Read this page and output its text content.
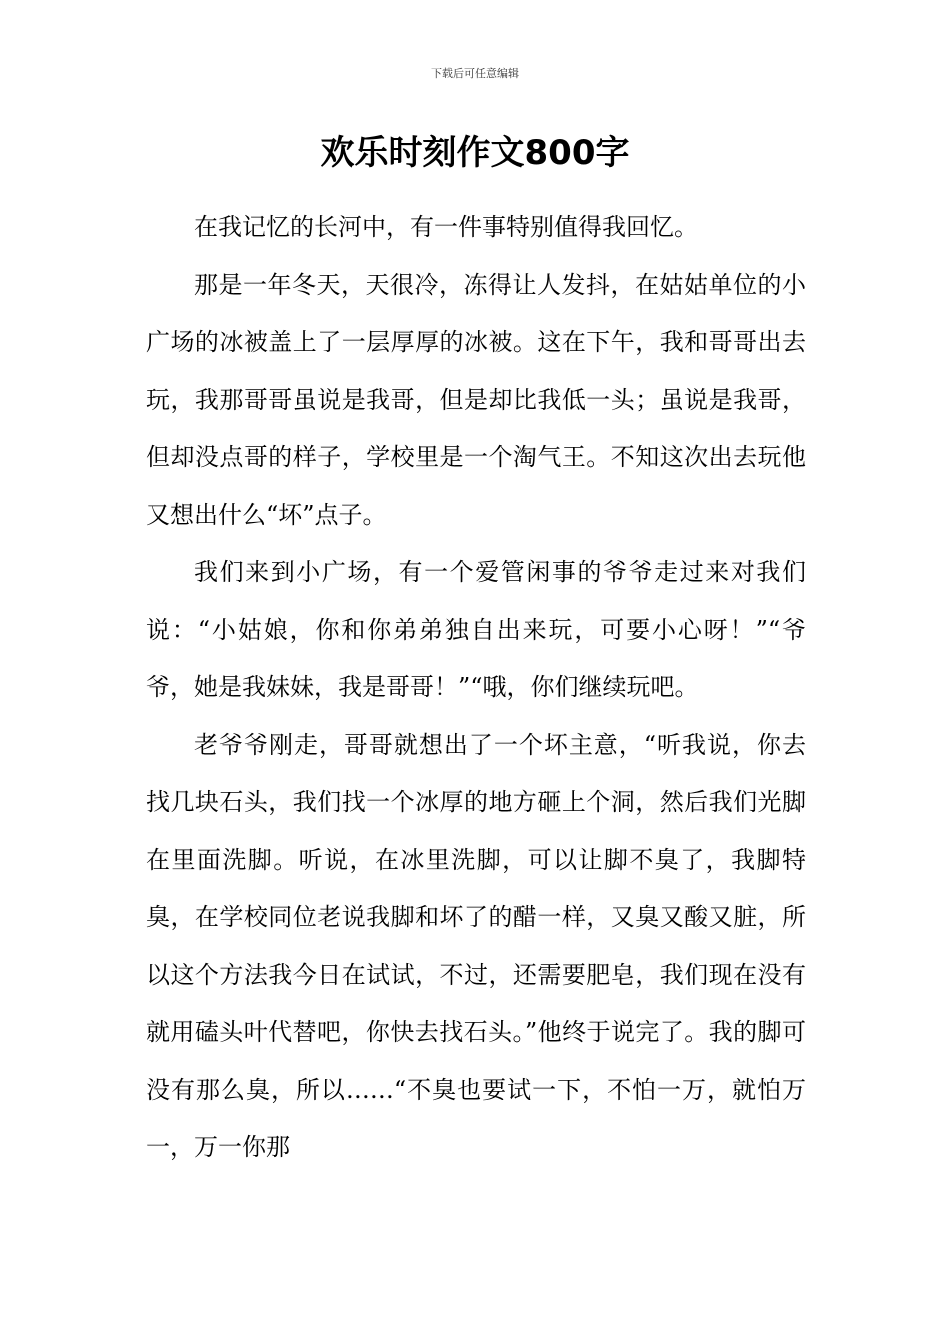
下载后可任意编辑
欢乐时刻作文800字

在我记忆的长河中，有一件事特别值得我回忆。

那是一年冬天，天很冷，冻得让人发抖，在姑姑单位的小广场的冰被盖上了一层厚厚的冰被。这在下午，我和哥哥出去玩，我那哥哥虽说是我哥，但是却比我低一头；虽说是我哥，但却没点哥的样子，学校里是一个淘气王。不知这次出去玩他又想出什么“坏”点子。

我们来到小广场，有一个爱管闲事的爷爷走过来对我们说：“小姑娘，你和你弟弟独自出来玩，可要小心呀！”“爷爷，她是我妹妹，我是哥哥！”“哦，你们继续玩吧。

老爷爷刚走，哥哥就想出了一个坏主意，“听我说，你去找几块石头，我们找一个冰厚的地方砸上个洞，然后我们光脚在里面洗脚。听说，在冰里洗脚，可以让脚不臭了，我脚特臭，在学校同位老说我脚和坏了的醋一样，又臭又酸又脏，所以这个方法我今日在试试，不过，还需要肥皂，我们现在没有就用磕头叶代替吧，你快去找石头。”他终于说完了。我的脚可没有那么臭，所以……“不臭也要试一下，不怕一万，就怕万一，万一你那
